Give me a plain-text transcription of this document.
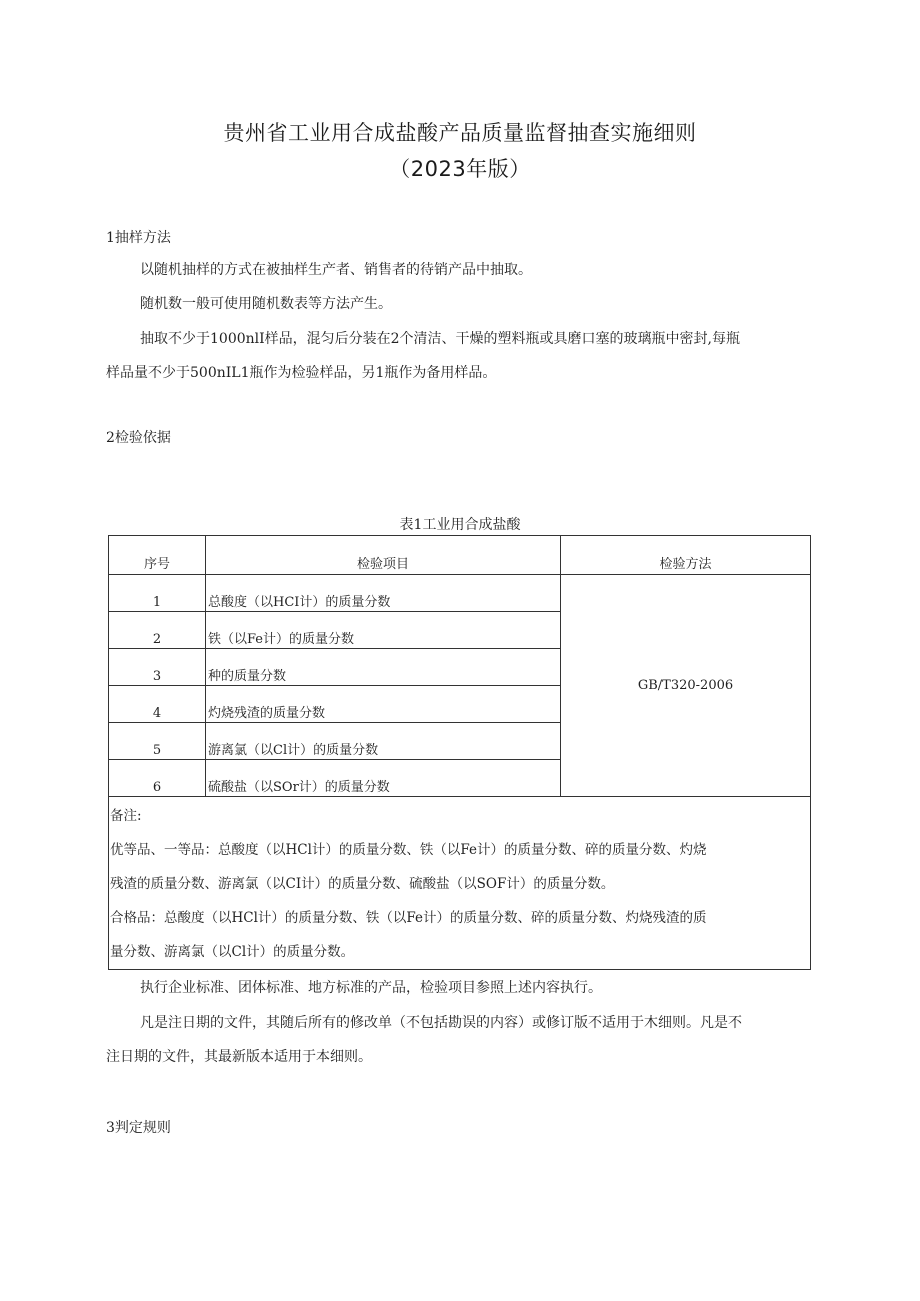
贵州省工业用合成盐酸产品质量监督抽查实施细则
（2023年版）
1抽样方法
以随机抽样的方式在被抽样生产者、销售者的待销产品中抽取。
随机数一般可使用随机数表等方法产生。
抽取不少于1000nlI样品，混匀后分装在2个清洁、干燥的塑料瓶或具磨口塞的玻璃瓶中密封,每瓶
样品量不少于500nIL1瓶作为检验样品，另1瓶作为备用样品。
2检验依据
表1工业用合成盐酸
序号	检验项目	检验方法
1	总酸度（以HCI计）的质量分数	GB/T320-2006
2	铁（以Fe计）的质量分数	
3	种的质量分数	
4	灼烧残渣的质量分数	
5	游离氯（以Cl计）的质量分数	
6	硫酸盐（以SOr计）的质量分数	

备注:
优等品、一等品：总酸度（以HCl计）的质量分数、铁（以Fe计）的质量分数、碎的质量分数、灼烧
残渣的质量分数、游离氯（以CI计）的质量分数、硫酸盐（以SOF计）的质量分数。
合格品：总酸度（以HCl计）的质量分数、铁（以Fe计）的质量分数、碎的质量分数、灼烧残渣的质
量分数、游离氯（以Cl计）的质量分数。		
执行企业标准、团体标准、地方标准的产品，检验项目参照上述内容执行。
凡是注日期的文件，其随后所有的修改单（不包括勘误的内容）或修订版不适用于木细则。凡是不
注日期的文件，其最新版本适用于本细则。
3判定规则
